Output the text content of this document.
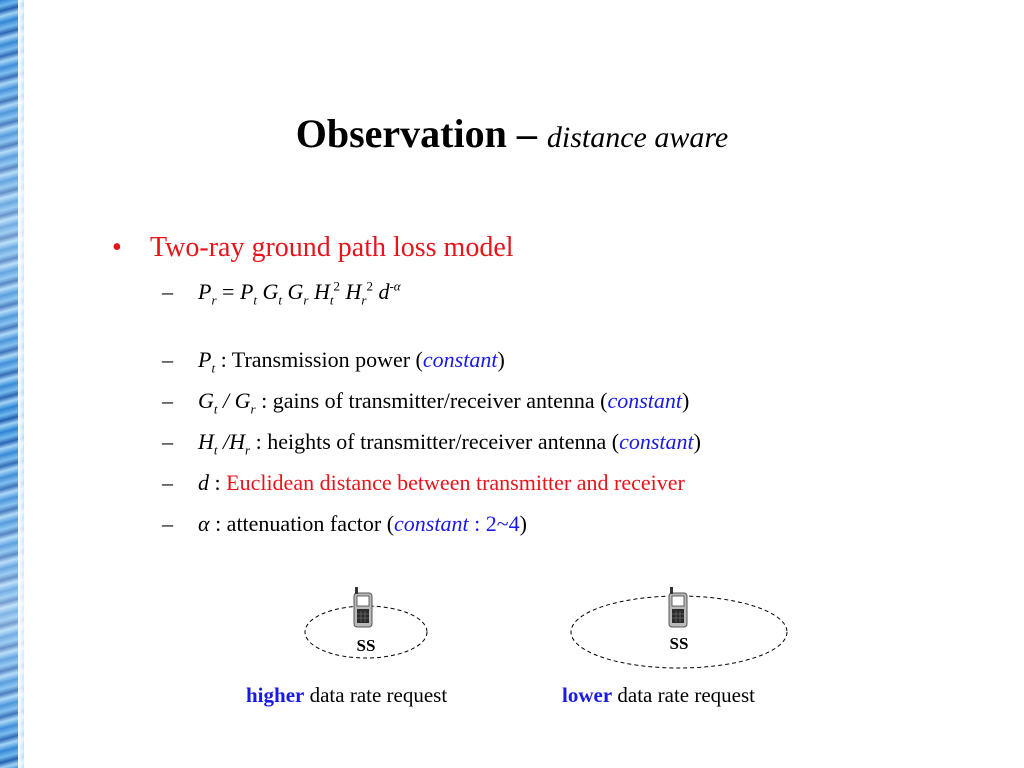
Observation – distance aware
• Two-ray ground path loss model
– $P_r = P_t$ $G_t$ $G_r$ $H_t^2$ $H_r^2$ $d^{-\alpha}$
– $P_t$ : Transmission power (constant)
– $G_t / G_r$ : gains of transmitter/receiver antenna (constant)
– $H_t$ $/H_r$ : heights of transmitter/receiver antenna (constant)
– d : Euclidean distance between transmitter and receiver
– α : attenuation factor (constant : 2~4)
SS	SS
higher data rate request	lower data rate request
